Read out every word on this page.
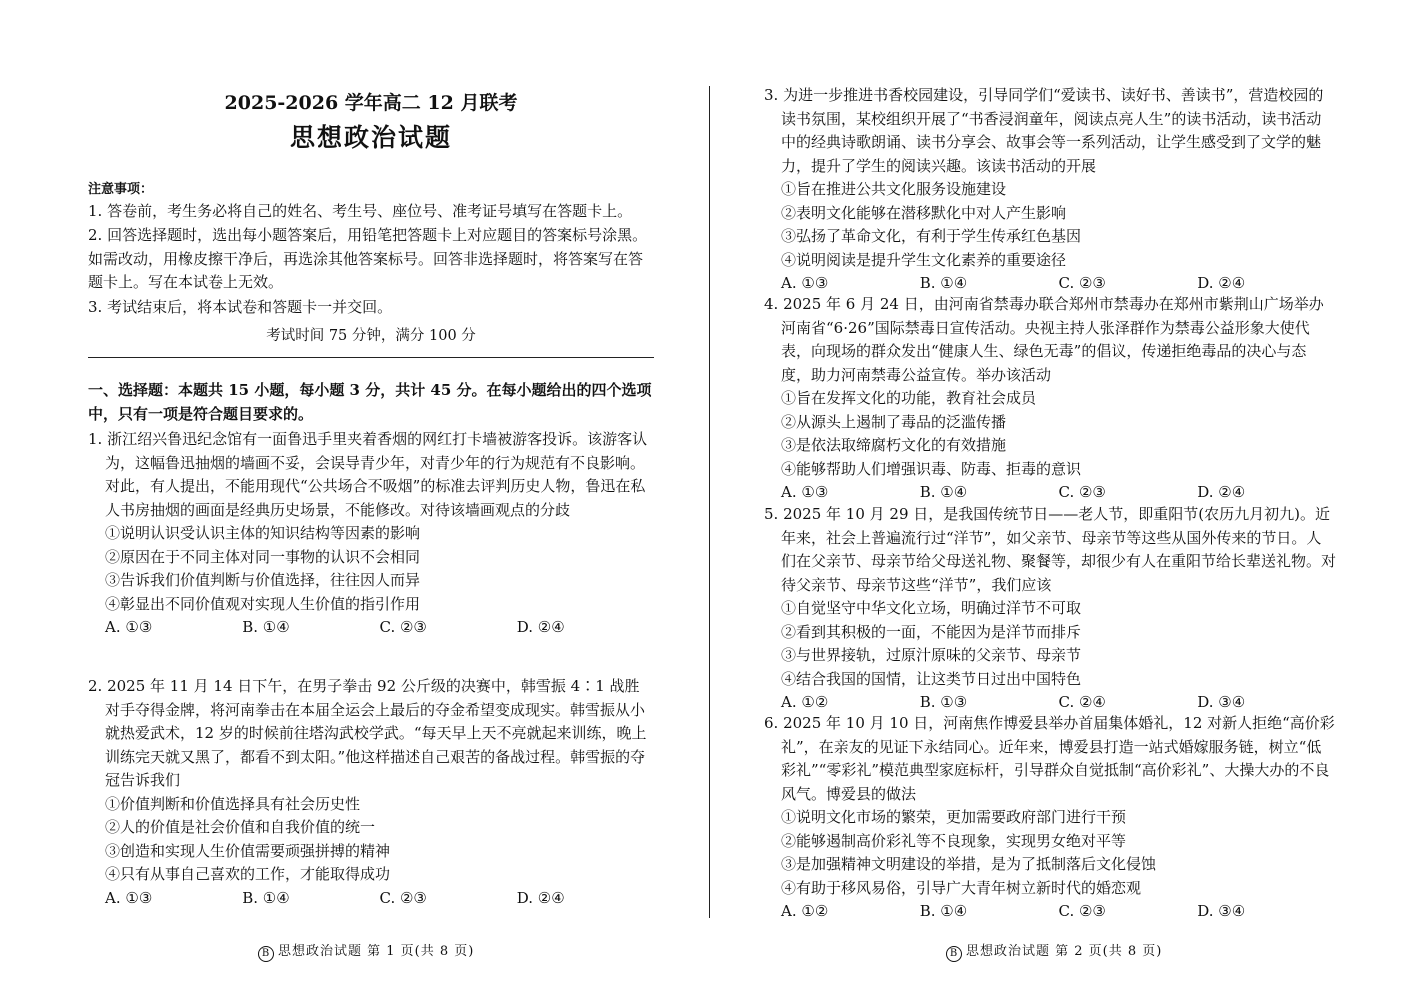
2025-2026 学年高二 12 月联考
思想政治试题
注意事项：
1. 答卷前，考生务必将自己的姓名、考生号、座位号、准考证号填写在答题卡上。
2. 回答选择题时，选出每小题答案后，用铅笔把答题卡上对应题目的答案标号涂黑。如需改动，用橡皮擦干净后，再选涂其他答案标号。回答非选择题时，将答案写在答题卡上。写在本试卷上无效。
3. 考试结束后，将本试卷和答题卡一并交回。
考试时间 75 分钟，满分 100 分
一、选择题：本题共 15 小题，每小题 3 分，共计 45 分。在每小题给出的四个选项中，只有一项是符合题目要求的。
1. 浙江绍兴鲁迅纪念馆有一面鲁迅手里夹着香烟的网红打卡墙被游客投诉。该游客认为，这幅鲁迅抽烟的墙画不妥，会误导青少年，对青少年的行为规范有不良影响。对此，有人提出，不能用现代“公共场合不吸烟”的标准去评判历史人物，鲁迅在私人书房抽烟的画面是经典历史场景，不能修改。对待该墙画观点的分歧
①说明认识受认识主体的知识结构等因素的影响
②原因在于不同主体对同一事物的认识不会相同
③告诉我们价值判断与价值选择，往往因人而异
④彰显出不同价值观对实现人生价值的指引作用
A. ①③	B. ①④	C. ②③	D. ②④
2. 2025 年 11 月 14 日下午，在男子拳击 92 公斤级的决赛中，韩雪振 4∶1 战胜对手夺得金牌，将河南拳击在本届全运会上最后的夺金希望变成现实。韩雪振从小就热爱武术，12 岁的时候前往塔沟武校学武。“每天早上天不亮就起来训练，晚上训练完天就又黑了，都看不到太阳。”他这样描述自己艰苦的备战过程。韩雪振的夺冠告诉我们
①价值判断和价值选择具有社会历史性
②人的价值是社会价值和自我价值的统一
③创造和实现人生价值需要顽强拼搏的精神
④只有从事自己喜欢的工作，才能取得成功
A. ①③	B. ①④	C. ②③	D. ②④
B 思想政治试题 第 1 页(共 8 页)
3. 为进一步推进书香校园建设，引导同学们“爱读书、读好书、善读书”，营造校园的读书氛围，某校组织开展了“书香浸润童年，阅读点亮人生”的读书活动，读书活动中的经典诗歌朗诵、读书分享会、故事会等一系列活动，让学生感受到了文学的魅力，提升了学生的阅读兴趣。该读书活动的开展
①旨在推进公共文化服务设施建设
②表明文化能够在潜移默化中对人产生影响
③弘扬了革命文化，有利于学生传承红色基因
④说明阅读是提升学生文化素养的重要途径
A. ①③	B. ①④	C. ②③	D. ②④
4. 2025 年 6 月 24 日，由河南省禁毒办联合郑州市禁毒办在郑州市紫荆山广场举办河南省“6·26”国际禁毒日宣传活动。央视主持人张泽群作为禁毒公益形象大使代表，向现场的群众发出“健康人生、绿色无毒”的倡议，传递拒绝毒品的决心与态度，助力河南禁毒公益宣传。举办该活动
①旨在发挥文化的功能，教育社会成员
②从源头上遏制了毒品的泛滥传播
③是依法取缔腐朽文化的有效措施
④能够帮助人们增强识毒、防毒、拒毒的意识
A. ①③	B. ①④	C. ②③	D. ②④
5. 2025 年 10 月 29 日，是我国传统节日——老人节，即重阳节(农历九月初九)。近年来，社会上普遍流行过“洋节”，如父亲节、母亲节等这些从国外传来的节日。人们在父亲节、母亲节给父母送礼物、聚餐等，却很少有人在重阳节给长辈送礼物。对待父亲节、母亲节这些“洋节”，我们应该
①自觉坚守中华文化立场，明确过洋节不可取
②看到其积极的一面，不能因为是洋节而排斥
③与世界接轨，过原汁原味的父亲节、母亲节
④结合我国的国情，让这类节日过出中国特色
A. ①②	B. ①③	C. ②④	D. ③④
6. 2025 年 10 月 10 日，河南焦作博爱县举办首届集体婚礼，12 对新人拒绝“高价彩礼”，在亲友的见证下永结同心。近年来，博爱县打造一站式婚嫁服务链，树立“低彩礼”“零彩礼”模范典型家庭标杆，引导群众自觉抵制“高价彩礼”、大操大办的不良风气。博爱县的做法
①说明文化市场的繁荣，更加需要政府部门进行干预
②能够遏制高价彩礼等不良现象，实现男女绝对平等
③是加强精神文明建设的举措，是为了抵制落后文化侵蚀
④有助于移风易俗，引导广大青年树立新时代的婚恋观
A. ①②	B. ①④	C. ②③	D. ③④
B 思想政治试题 第 2 页(共 8 页)
